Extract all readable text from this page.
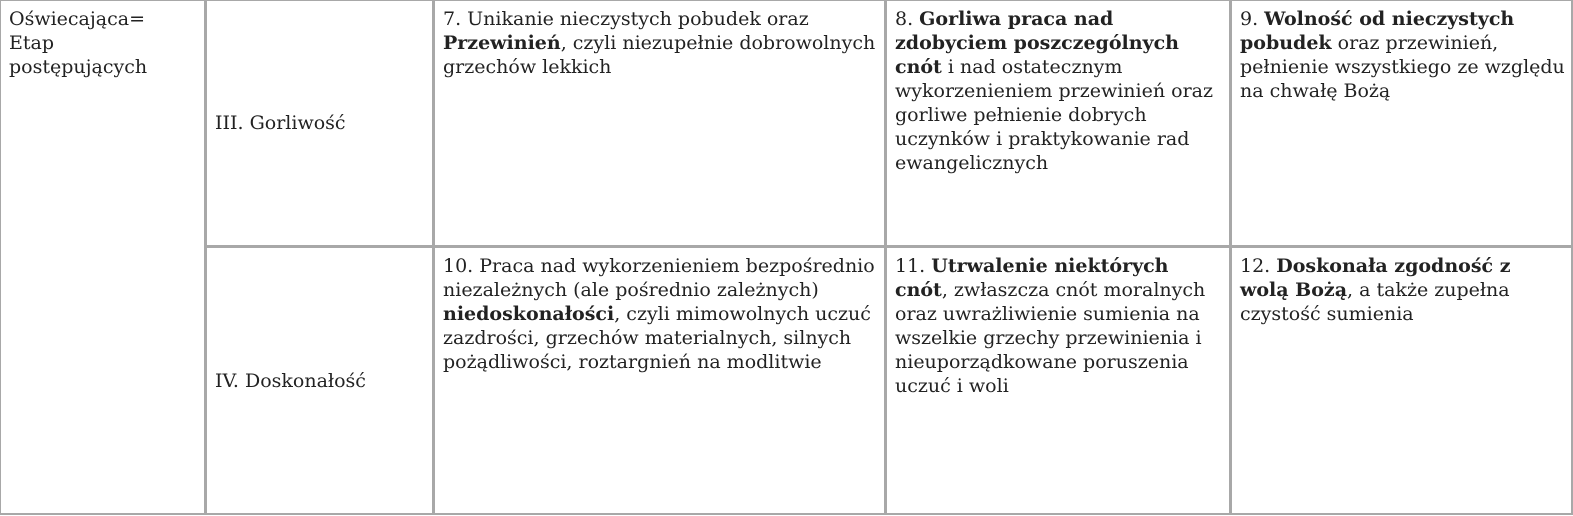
Oświecająca=
Etap
postępujących	III. Gorliwość	7. Unikanie nieczystych pobudek oraz Przewinień, czyli niezupełnie dobrowolnych grzechów lekkich	8. Gorliwa praca nad zdobyciem poszczególnych cnót i nad ostatecznym wykorzenieniem przewinień oraz gorliwe pełnienie dobrych uczynków i praktykowanie rad ewangelicznych	9. Wolność od nieczystych pobudek oraz przewinień, pełnienie wszystkiego ze względu na chwałę Bożą
	IV. Doskonałość	10. Praca nad wykorzenieniem bezpośrednio niezależnych (ale pośrednio zależnych) niedoskonałości, czyli mimowolnych uczuć zazdrości, grzechów materialnych, silnych pożądliwości, roztargnień na modlitwie	11. Utrwalenie niektórych cnót, zwłaszcza cnót moralnych oraz uwrażliwienie sumienia na wszelkie grzechy przewinienia i nieuporządkowane poruszenia uczuć i woli	12. Doskonała zgodność z wolą Bożą, a także zupełna czystość sumienia
